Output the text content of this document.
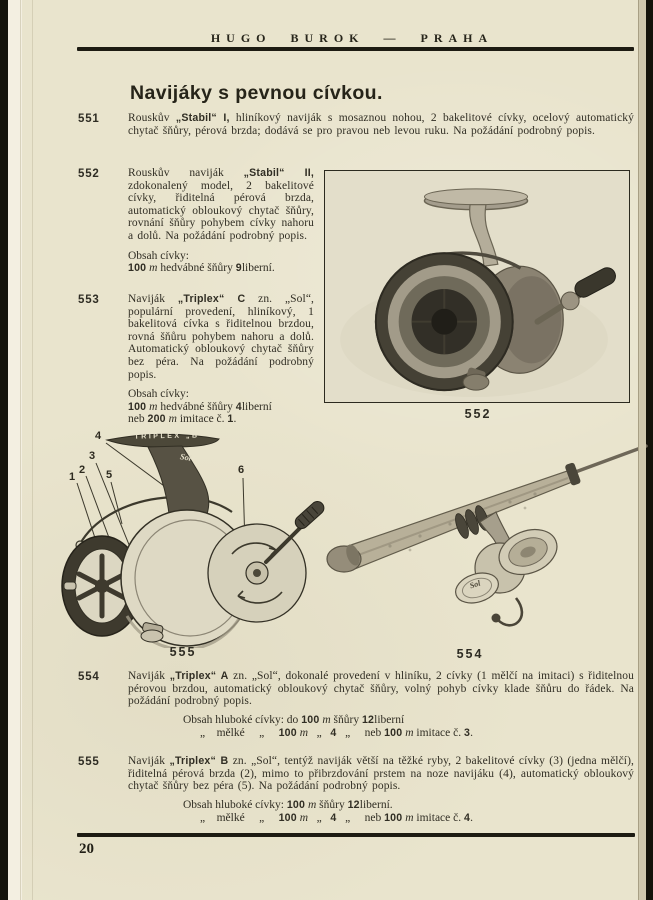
HUGO BUROK — PRAHA
Navijáky s pevnou cívkou.
551	Rouskův „Stabil“ I, hliníkový naviják s mosaznou nohou, 2 bakelitové cívky, ocelový automatický chytač šňůry, pérová brzda; dodává se pro pravou neb levou ruku. Na požádání podrobný popis.
552	Rouskův naviják „Stabil“ II, zdokonalený model, 2 bakelitové cívky, řiditelná pérová brzda, automatický obloukový chytač šňůry, rovnání šňůry pohybem cívky nahoru a dolů. Na požádání podrobný popis.
Obsah cívky:
100 m hedvábné šňůry 9liberní.
553	Naviják „Triplex“ C zn. „Sol“, populární provedení, hliníkový, 1 bakelitová cívka s řiditelnou brzdou, rovná šňůru pohybem nahoru a dolů. Automatický obloukový chytač šňůry bez péra. Na požádání podrobný popis.
Obsah cívky:
100 m hedvábné šňůry 4liberní
neb 200 m imitace č. 1.	552
TRIPLEX „B“
Sol
1
2
3
4
5	6
555
Sol
554
554	Naviják „Triplex“ A zn. „Sol“, dokonalé provedení v hliníku, 2 cívky (1 mělčí na imitaci) s řiditelnou pérovou brzdou, automatický obloukový chytač šňůry, volný pohyb cívky klade šňůru do řádek. Na požádání podrobný popis.
Obsah hluboké cívky: do 100 m šňůry 12liberní
„    mělké     „     100 m   „   4   „     neb 100 m imitace č. 3.
555	Naviják „Triplex“ B zn. „Sol“, tentýž naviják větší na těžké ryby, 2 bakelitové cívky (3) (jedna mělčí), řiditelná pérová brzda (2), mimo to přibrzdování prstem na noze navijáku (4), automatický obloukový chytač šňůry bez péra (5). Na požádání podrobný popis.
Obsah hluboké cívky: 100 m šňůry 12liberní.
„    mělké     „     100 m   „   4   „     neb 100 m imitace č. 4.
20
